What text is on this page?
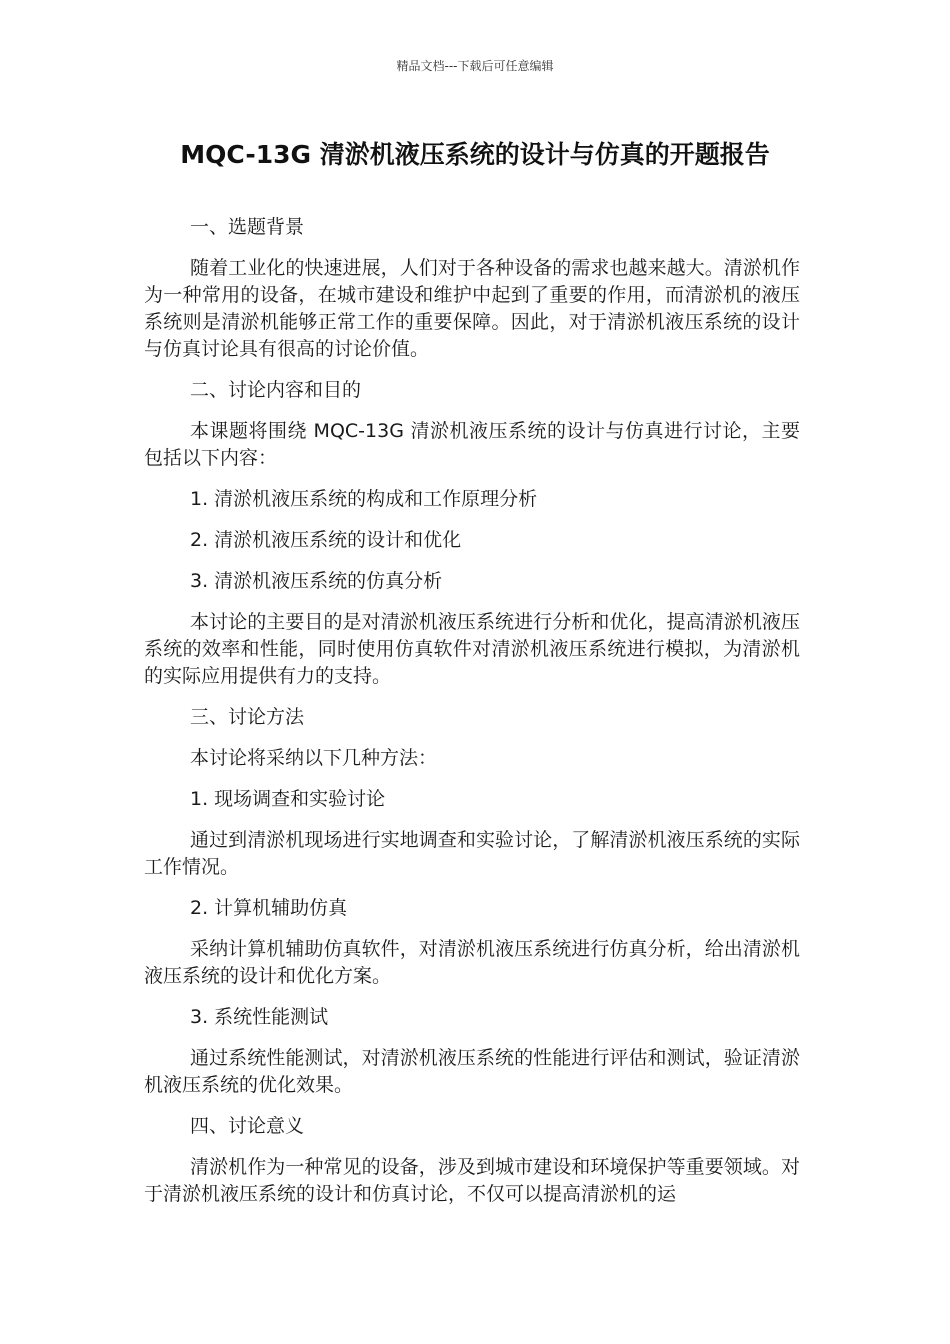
精品文档---下载后可任意编辑
MQC-13G 清淤机液压系统的设计与仿真的开题报告

一、选题背景

随着工业化的快速进展，人们对于各种设备的需求也越来越大。清淤机作为一种常用的设备，在城市建设和维护中起到了重要的作用，而清淤机的液压系统则是清淤机能够正常工作的重要保障。因此，对于清淤机液压系统的设计与仿真讨论具有很高的讨论价值。

二、讨论内容和目的

本课题将围绕 MQC-13G 清淤机液压系统的设计与仿真进行讨论，主要包括以下内容：

1. 清淤机液压系统的构成和工作原理分析

2. 清淤机液压系统的设计和优化

3. 清淤机液压系统的仿真分析

本讨论的主要目的是对清淤机液压系统进行分析和优化，提高清淤机液压系统的效率和性能，同时使用仿真软件对清淤机液压系统进行模拟，为清淤机的实际应用提供有力的支持。

三、讨论方法

本讨论将采纳以下几种方法：

1. 现场调查和实验讨论

通过到清淤机现场进行实地调查和实验讨论，了解清淤机液压系统的实际工作情况。

2. 计算机辅助仿真

采纳计算机辅助仿真软件，对清淤机液压系统进行仿真分析，给出清淤机液压系统的设计和优化方案。

3. 系统性能测试

通过系统性能测试，对清淤机液压系统的性能进行评估和测试，验证清淤机液压系统的优化效果。

四、讨论意义

清淤机作为一种常见的设备，涉及到城市建设和环境保护等重要领域。对于清淤机液压系统的设计和仿真讨论，不仅可以提高清淤机的运
